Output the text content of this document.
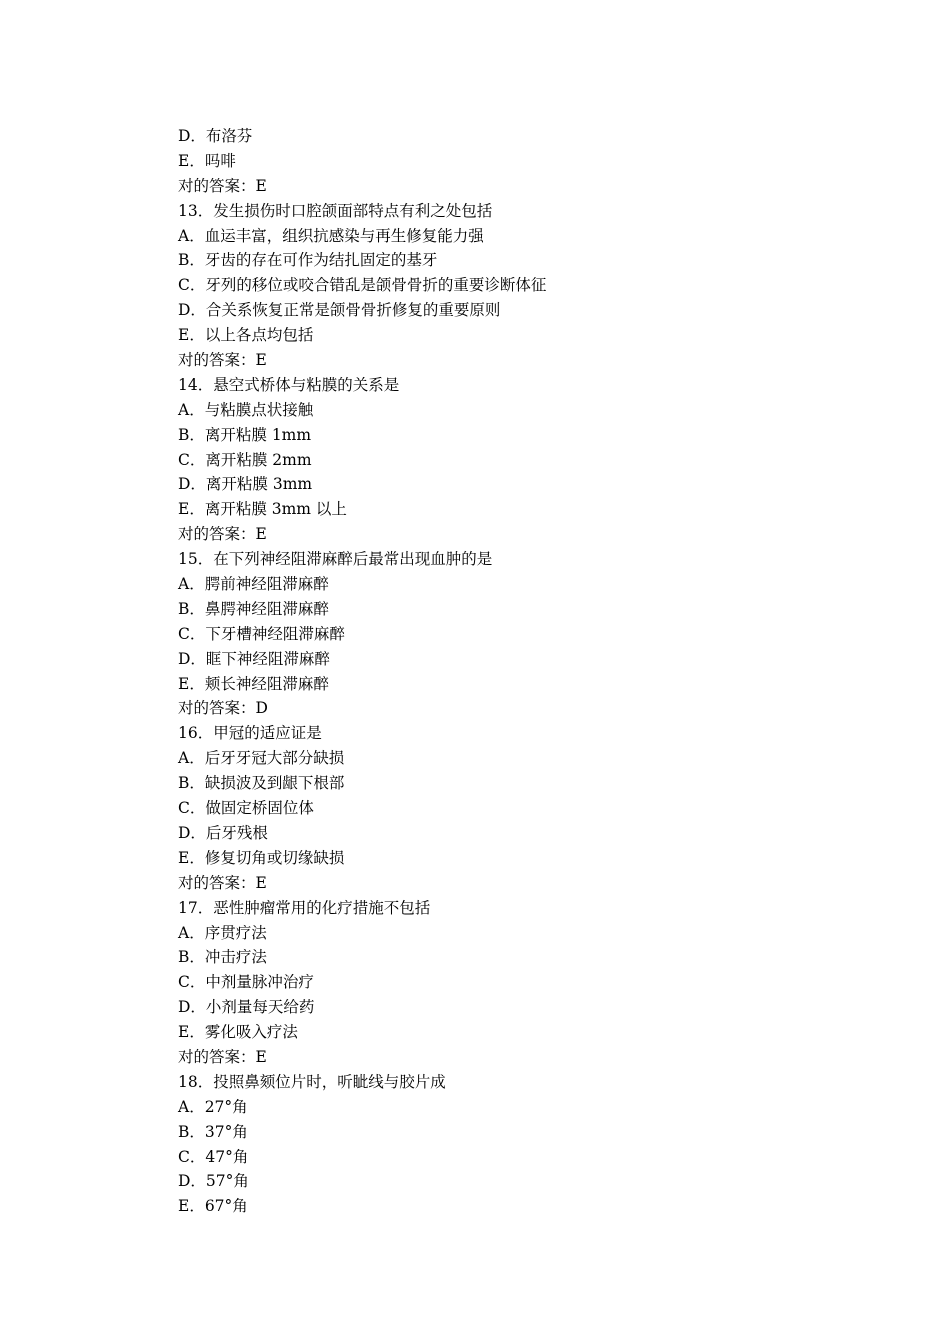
D．布洛芬
E．吗啡
对的答案：E
13．发生损伤时口腔颌面部特点有利之处包括
A．血运丰富，组织抗感染与再生修复能力强
B．牙齿的存在可作为结扎固定的基牙
C．牙列的移位或咬合错乱是颌骨骨折的重要诊断体征
D．合关系恢复正常是颌骨骨折修复的重要原则
E．以上各点均包括
对的答案：E
14．悬空式桥体与粘膜的关系是
A．与粘膜点状接触
B．离开粘膜 1mm
C．离开粘膜 2mm
D．离开粘膜 3mm
E．离开粘膜 3mm 以上
对的答案：E
15．在下列神经阻滞麻醉后最常出现血肿的是
A．腭前神经阻滞麻醉
B．鼻腭神经阻滞麻醉
C．下牙槽神经阻滞麻醉
D．眶下神经阻滞麻醉
E．颊长神经阻滞麻醉
对的答案：D
16．甲冠的适应证是
A．后牙牙冠大部分缺损
B．缺损波及到龈下根部
C．做固定桥固位体
D．后牙残根
E．修复切角或切缘缺损
对的答案：E
17．恶性肿瘤常用的化疗措施不包括
A．序贯疗法
B．冲击疗法
C．中剂量脉冲治疗
D．小剂量每天给药
E．雾化吸入疗法
对的答案：E
18．投照鼻颏位片时，听眦线与胶片成
A．27°角
B．37°角
C．47°角
D．57°角
E．67°角
